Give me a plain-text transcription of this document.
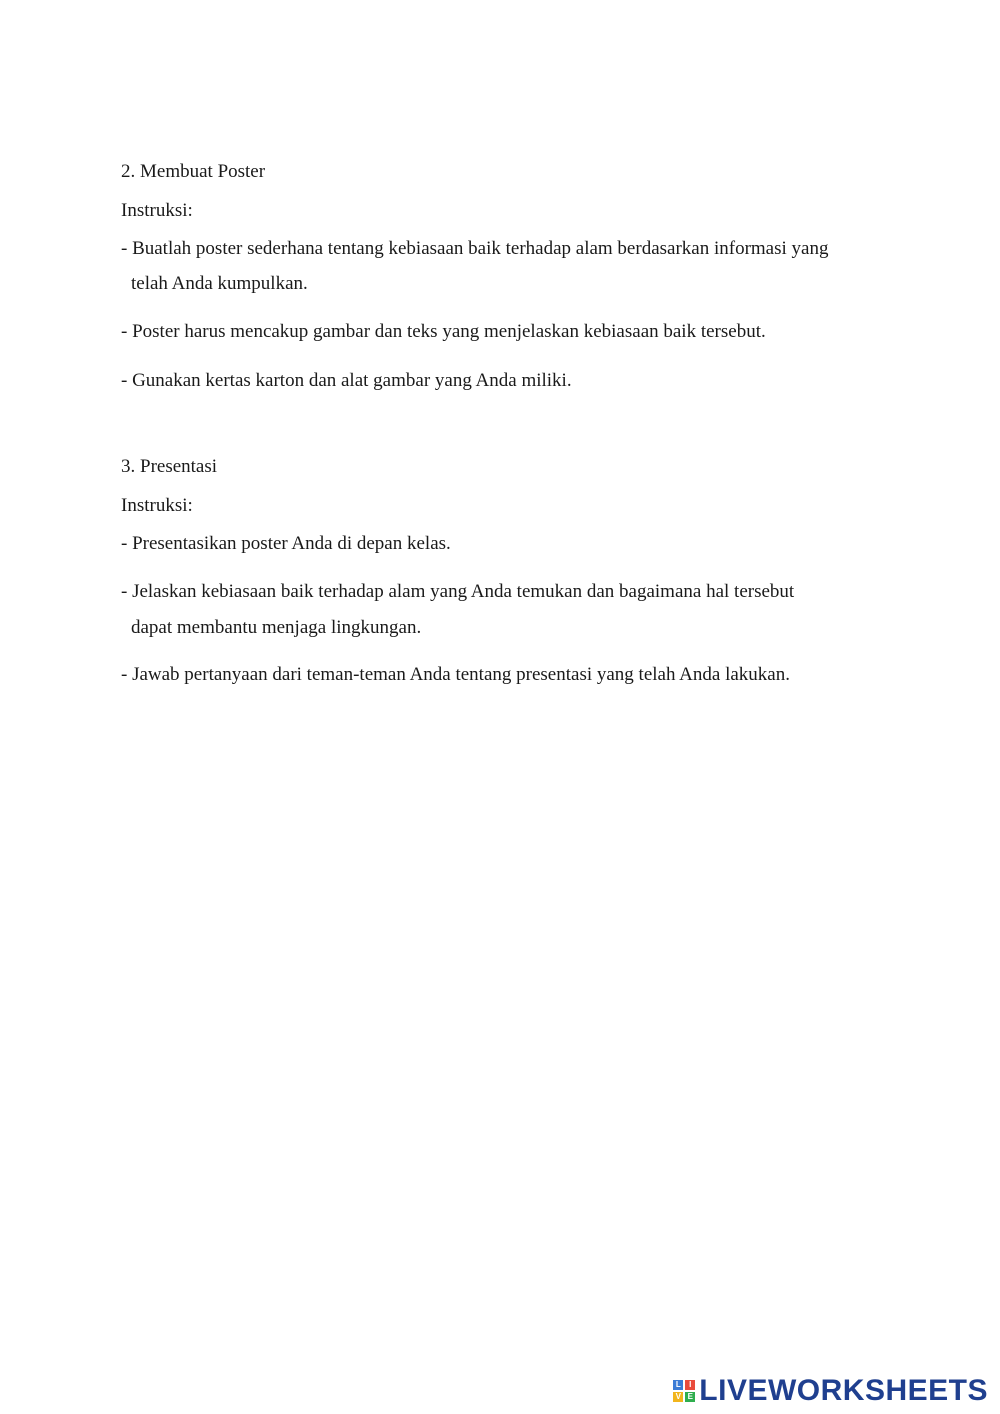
2. Membuat Poster
Instruksi:
- Buatlah poster sederhana tentang kebiasaan baik terhadap alam berdasarkan informasi yang
telah Anda kumpulkan.
- Poster harus mencakup gambar dan teks yang menjelaskan kebiasaan baik tersebut.
- Gunakan kertas karton dan alat gambar yang Anda miliki.
3. Presentasi
Instruksi:
- Presentasikan poster Anda di depan kelas.
- Jelaskan kebiasaan baik terhadap alam yang Anda temukan dan bagaimana hal tersebut
dapat membantu menjaga lingkungan.
- Jawab pertanyaan dari teman-teman Anda tentang presentasi yang telah Anda lakukan.
L	I
V E LIVEWORKSHEETS
